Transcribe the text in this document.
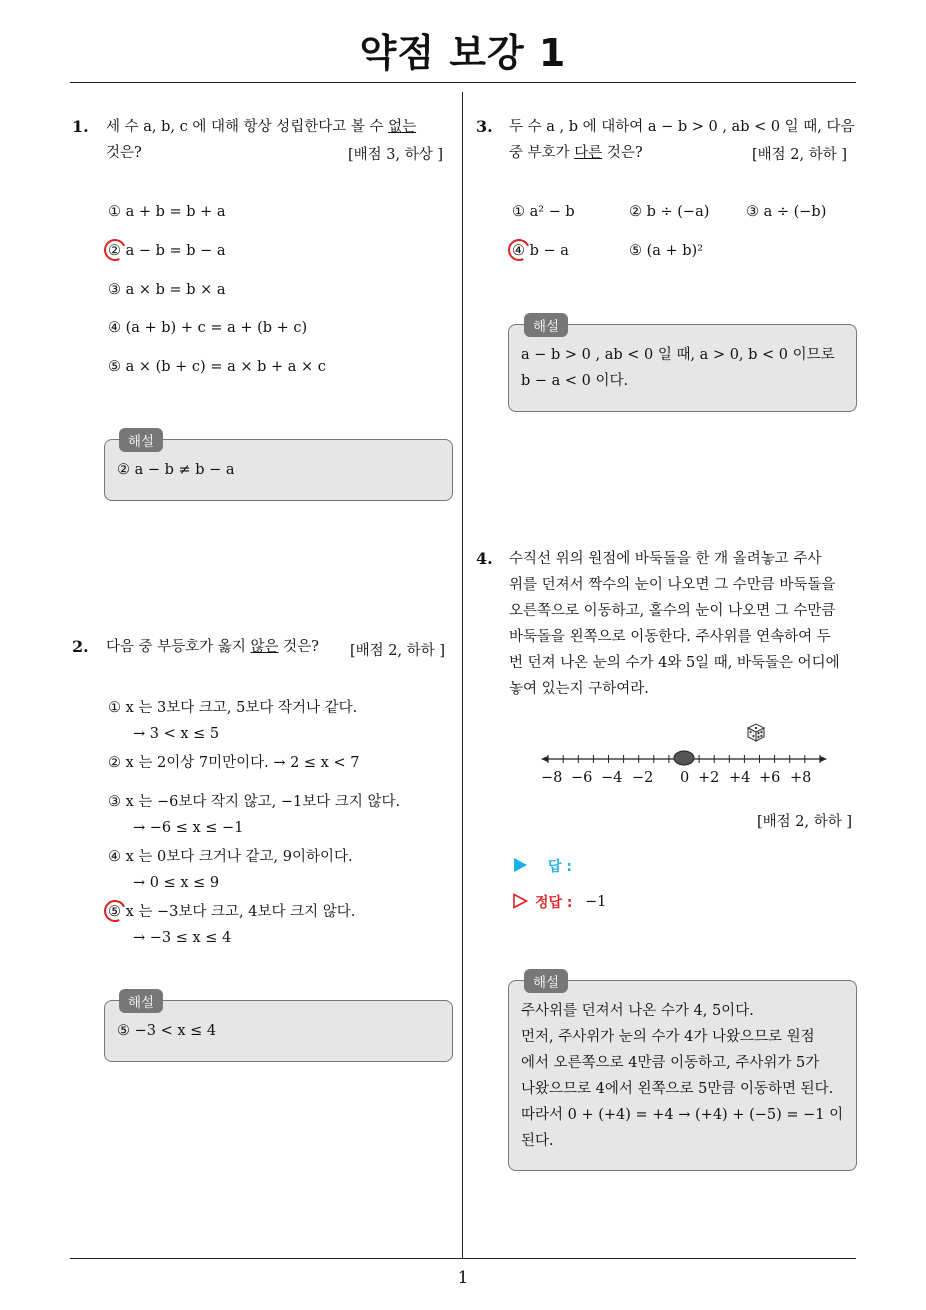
약점 보강 1
1. 세 수 a, b, c 에 대해 항상 성립한다고 볼 수 없는
것은?	[배점 3, 하상 ]
① a + b = b + a
② a − b = b − a
③ a × b = b × a
④ (a + b) + c = a + (b + c)
⑤ a × (b + c) = a × b + a × c
② a − b ≠ b − a
해설
2. 다음 중 부등호가 옳지 않은 것은? [배점 2, 하하 ]
① x 는 3보다 크고, 5보다 작거나 같다.
→ 3 < x ≤ 5
② x 는 2이상 7미만이다. → 2 ≤ x < 7
③ x 는 −6보다 작지 않고, −1보다 크지 않다.
→ −6 ≤ x ≤ −1
④ x 는 0보다 크거나 같고, 9이하이다.
→ 0 ≤ x ≤ 9
⑤ x 는 −3보다 크고, 4보다 크지 않다.
→ −3 ≤ x ≤ 4
⑤ −3 < x ≤ 4
해설
3. 두 수 a , b 에 대하여 a − b > 0 , ab < 0 일 때, 다음
중 부호가 다른 것은?	[배점 2, 하하 ]
① a² − b	② b ÷ (−a)	③ a ÷ (−b)
④ b − a	⑤ (a + b)²
a − b > 0 , ab < 0 일 때, a > 0, b < 0 이므로
b − a < 0 이다.
해설
4. 수직선 위의 원점에 바둑돌을 한 개 올려놓고 주사
위를 던져서 짝수의 눈이 나오면 그 수만큼 바둑돌을
오른쪽으로 이동하고, 홀수의 눈이 나오면 그 수만큼
바둑돌을 왼쪽으로 이동한다. 주사위를 연속하여 두
번 던져 나온 눈의 수가 4와 5일 때, 바둑돌은 어디에
놓여 있는지 구하여라.
−8 −6 −4 −2 0 +2 +4 +6 +8
[배점 2, 하하 ]
답 :
정답 : −1
주사위를 던져서 나온 수가 4, 5이다.
먼저, 주사위가 눈의 수가 4가 나왔으므로 원점
에서 오른쪽으로 4만큼 이동하고, 주사위가 5가
나왔으므로 4에서 왼쪽으로 5만큼 이동하면 된다.
따라서 0 + (+4) = +4 → (+4) + (−5) = −1 이
된다.
해설
1
